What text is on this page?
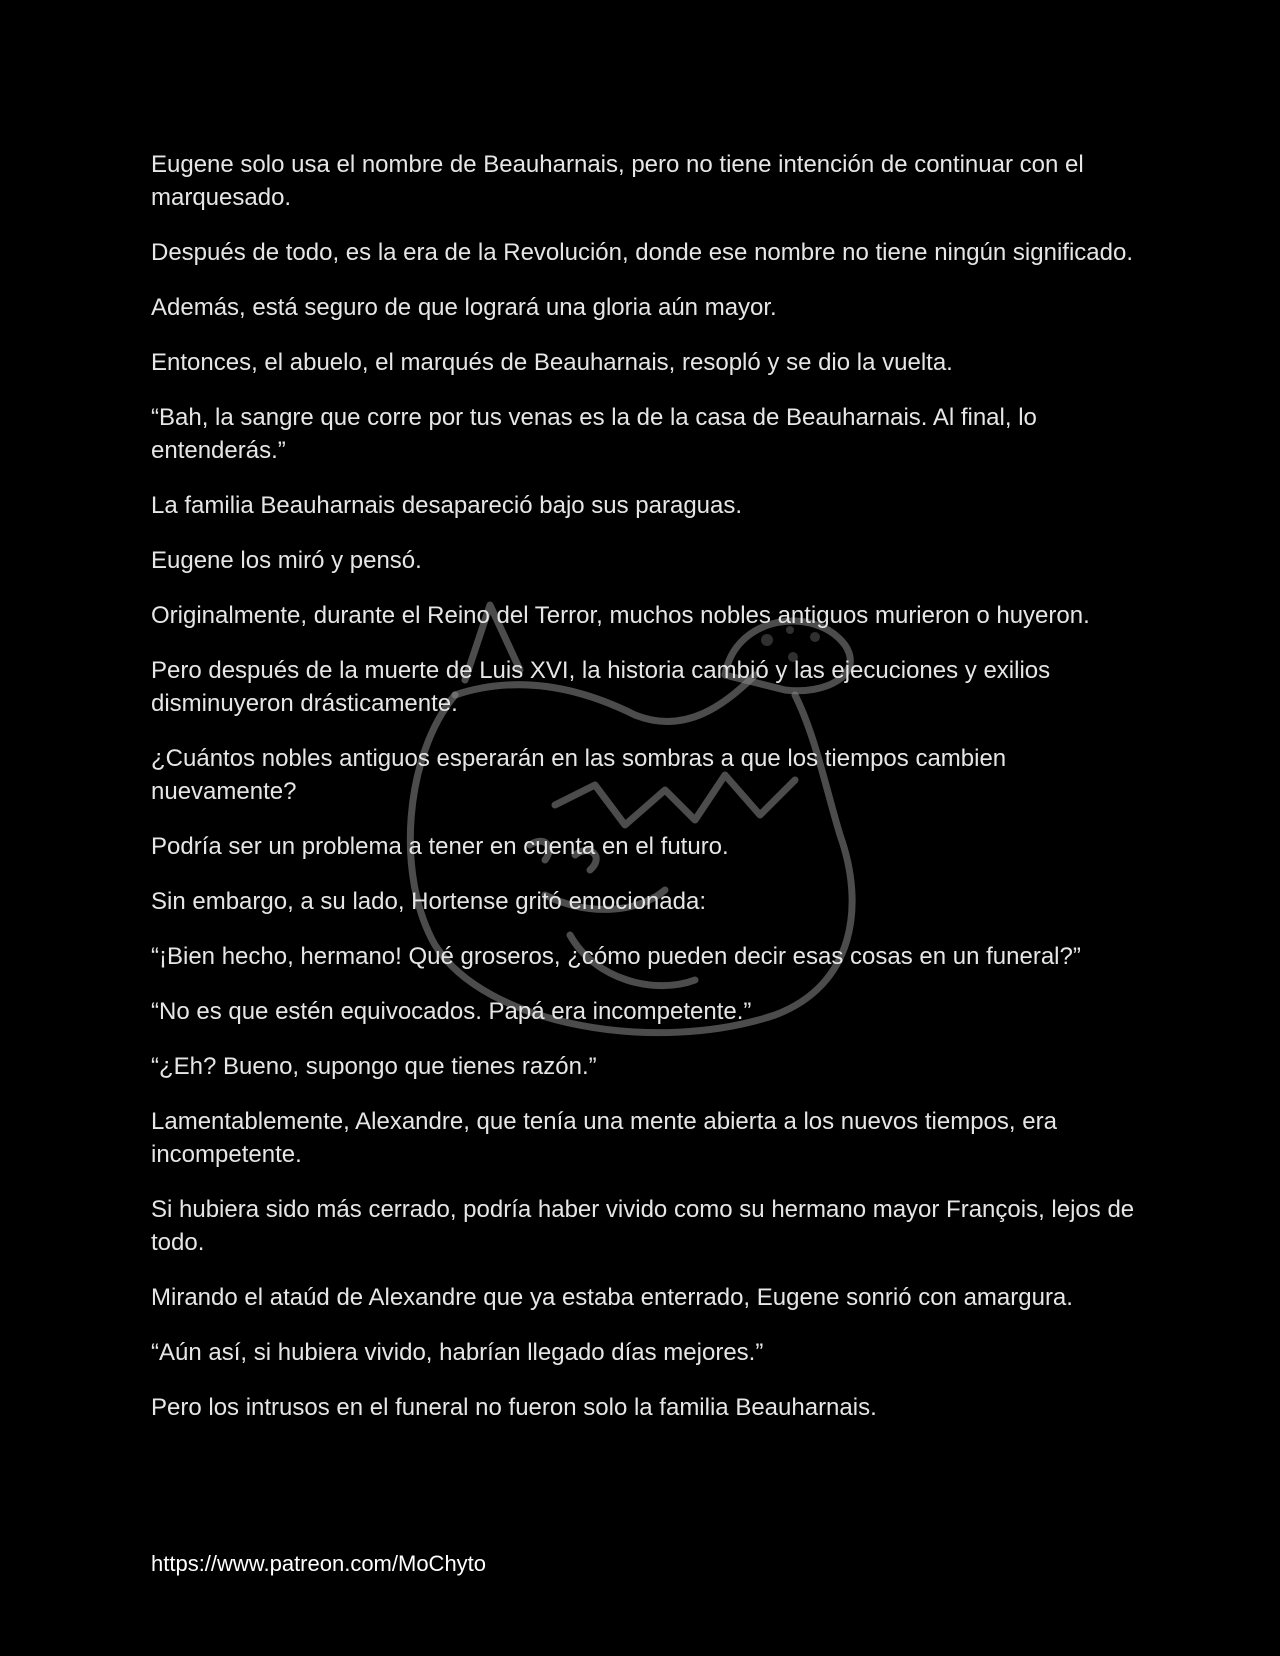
Eugene solo usa el nombre de Beauharnais, pero no tiene intención de continuar con el marquesado.

Después de todo, es la era de la Revolución, donde ese nombre no tiene ningún significado.

Además, está seguro de que logrará una gloria aún mayor.

Entonces, el abuelo, el marqués de Beauharnais, resopló y se dio la vuelta.

“Bah, la sangre que corre por tus venas es la de la casa de Beauharnais. Al final, lo entenderás.”

La familia Beauharnais desapareció bajo sus paraguas.

Eugene los miró y pensó.

Originalmente, durante el Reino del Terror, muchos nobles antiguos murieron o huyeron.

Pero después de la muerte de Luis XVI, la historia cambió y las ejecuciones y exilios disminuyeron drásticamente.

¿Cuántos nobles antiguos esperarán en las sombras a que los tiempos cambien nuevamente?

Podría ser un problema a tener en cuenta en el futuro.

Sin embargo, a su lado, Hortense gritó emocionada:

“¡Bien hecho, hermano! Qué groseros, ¿cómo pueden decir esas cosas en un funeral?”

“No es que estén equivocados. Papá era incompetente.”

“¿Eh? Bueno, supongo que tienes razón.”

Lamentablemente, Alexandre, que tenía una mente abierta a los nuevos tiempos, era incompetente.

Si hubiera sido más cerrado, podría haber vivido como su hermano mayor François, lejos de todo.

Mirando el ataúd de Alexandre que ya estaba enterrado, Eugene sonrió con amargura.

“Aún así, si hubiera vivido, habrían llegado días mejores.”

Pero los intrusos en el funeral no fueron solo la familia Beauharnais.

https://www.patreon.com/MoChyto
